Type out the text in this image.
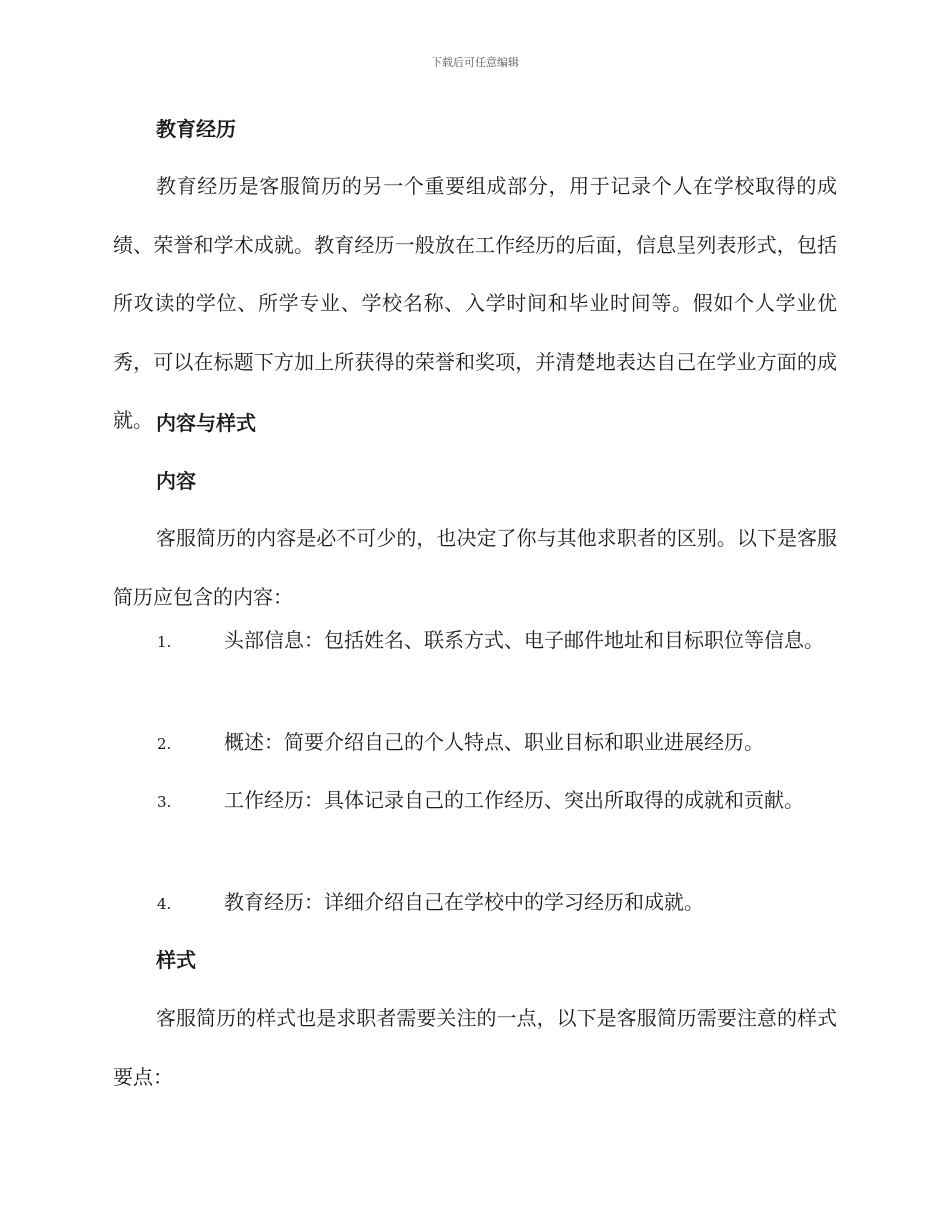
下载后可任意编辑
教育经历
教育经历是客服简历的另一个重要组成部分，用于记录个人在学校取得的成绩、荣誉和学术成就。教育经历一般放在工作经历的后面，信息呈列表形式，包括所攻读的学位、所学专业、学校名称、入学时间和毕业时间等。假如个人学业优秀，可以在标题下方加上所获得的荣誉和奖项，并清楚地表达自己在学业方面的成就。 内容与样式
内容
客服简历的内容是必不可少的，也决定了你与其他求职者的区别。以下是客服简历应包含的内容：
1.	头部信息：包括姓名、联系方式、电子邮件地址和目标职位等信息。
2.	概述：简要介绍自己的个人特点、职业目标和职业进展经历。
3.	工作经历：具体记录自己的工作经历、突出所取得的成就和贡献。
4.	教育经历：详细介绍自己在学校中的学习经历和成就。
样式
客服简历的样式也是求职者需要关注的一点，以下是客服简历需要注意的样式要点：
